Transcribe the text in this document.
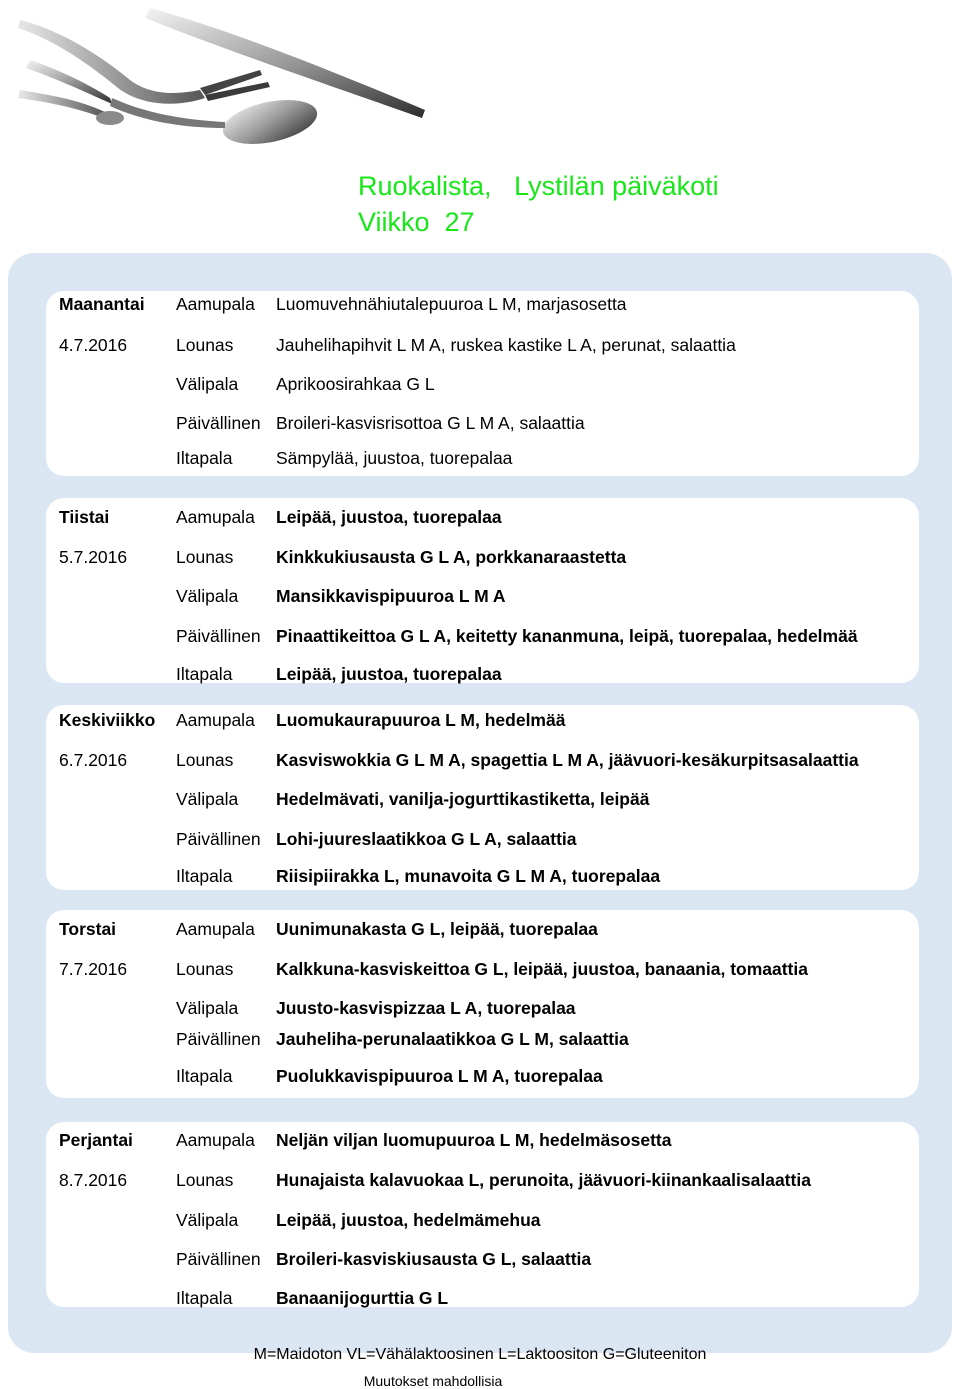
Ruokalista,   Lystilän päiväkoti
Viikko  27
Maanantai Aamupala Luomuvehnähiutalepuuroa L M, marjasosetta
4.7.2016	Lounas Jauhelihapihvit L M A, ruskea kastike L A, perunat, salaattia
Välipala Aprikoosirahkaa G L
Päivällinen Broileri-kasvisrisottoa G L M A, salaattia
Iltapala Sämpylää, juustoa, tuorepalaa
Tiistai	Aamupala Leipää, juustoa, tuorepalaa
5.7.2016	Lounas Kinkkukiusausta G L A, porkkanaraastetta
Välipala Mansikkavispipuuroa L M A
Päivällinen Pinaattikeittoa G L A, keitetty kananmuna, leipä, tuorepalaa, hedelmää
Iltapala Leipää, juustoa, tuorepalaa
Keskiviikko Aamupala Luomukaurapuuroa L M, hedelmää
6.7.2016	Lounas Kasviswokkia G L M A, spagettia L M A, jäävuori-kesäkurpitsasalaattia
Välipala Hedelmävati, vanilja-jogurttikastiketta, leipää
Päivällinen Lohi-juureslaatikkoa G L A, salaattia
Iltapala Riisipiirakka L, munavoita G L M A, tuorepalaa
Torstai	Aamupala Uunimunakasta G L, leipää, tuorepalaa
7.7.2016	Lounas Kalkkuna-kasviskeittoa G L, leipää, juustoa, banaania, tomaattia
Välipala Juusto-kasvispizzaa L A, tuorepalaa
Päivällinen Jauheliha-perunalaatikkoa G L M, salaattia
Iltapala Puolukkavispipuuroa L M A, tuorepalaa
Perjantai Aamupala Neljän viljan luomupuuroa L M, hedelmäsosetta
8.7.2016	Lounas Hunajaista kalavuokaa L, perunoita, jäävuori-kiinankaalisalaattia
Välipala Leipää, juustoa, hedelmämehua
Päivällinen Broileri-kasviskiusausta G L, salaattia
Iltapala Banaanijogurttia G L
M=Maidoton VL=Vähälaktoosinen L=Laktoositon G=Gluteeniton
Muutokset mahdollisia
